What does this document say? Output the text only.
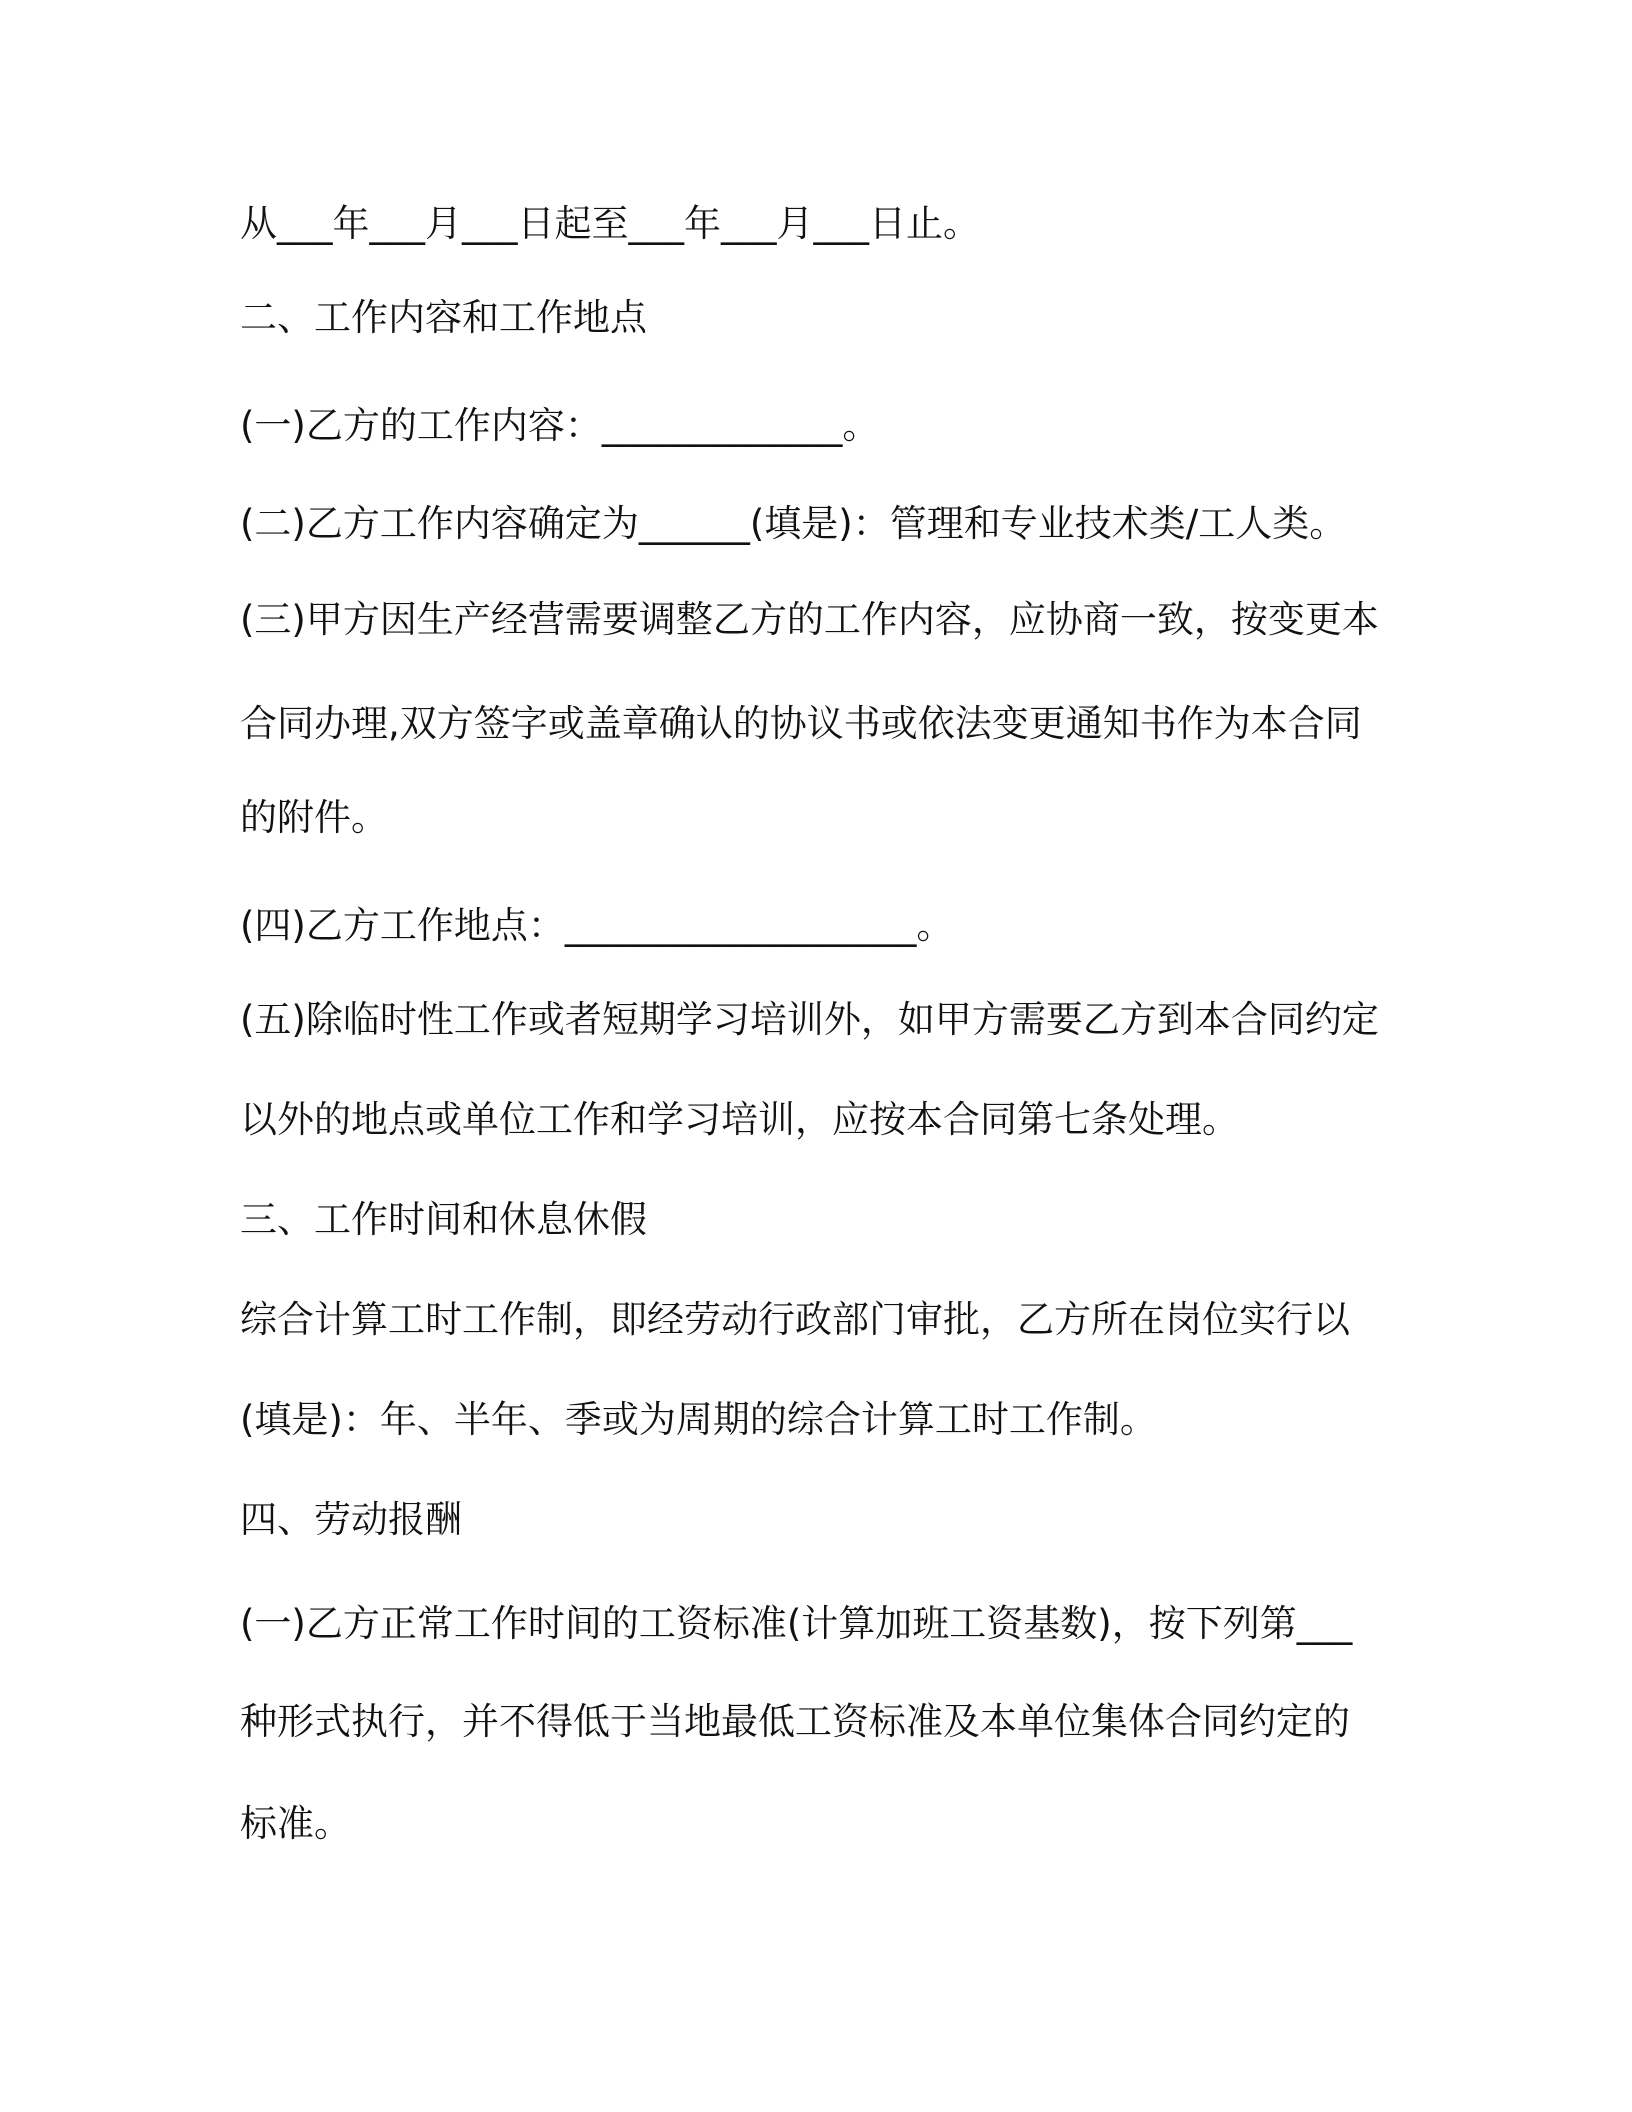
从___年___月___日起至___年___月___日止。
二、工作内容和工作地点
(一)乙方的工作内容：_____________。
(二)乙方工作内容确定为______(填是)：管理和专业技术类/工人类。
(三)甲方因生产经营需要调整乙方的工作内容，应协商一致，按变更本
合同办理,双方签字或盖章确认的协议书或依法变更通知书作为本合同
的附件。
(四)乙方工作地点：___________________。
(五)除临时性工作或者短期学习培训外，如甲方需要乙方到本合同约定
以外的地点或单位工作和学习培训，应按本合同第七条处理。
三、工作时间和休息休假
综合计算工时工作制，即经劳动行政部门审批，乙方所在岗位实行以
(填是)：年、半年、季或为周期的综合计算工时工作制。
四、劳动报酬
(一)乙方正常工作时间的工资标准(计算加班工资基数)，按下列第___
种形式执行，并不得低于当地最低工资标准及本单位集体合同约定的
标准。
